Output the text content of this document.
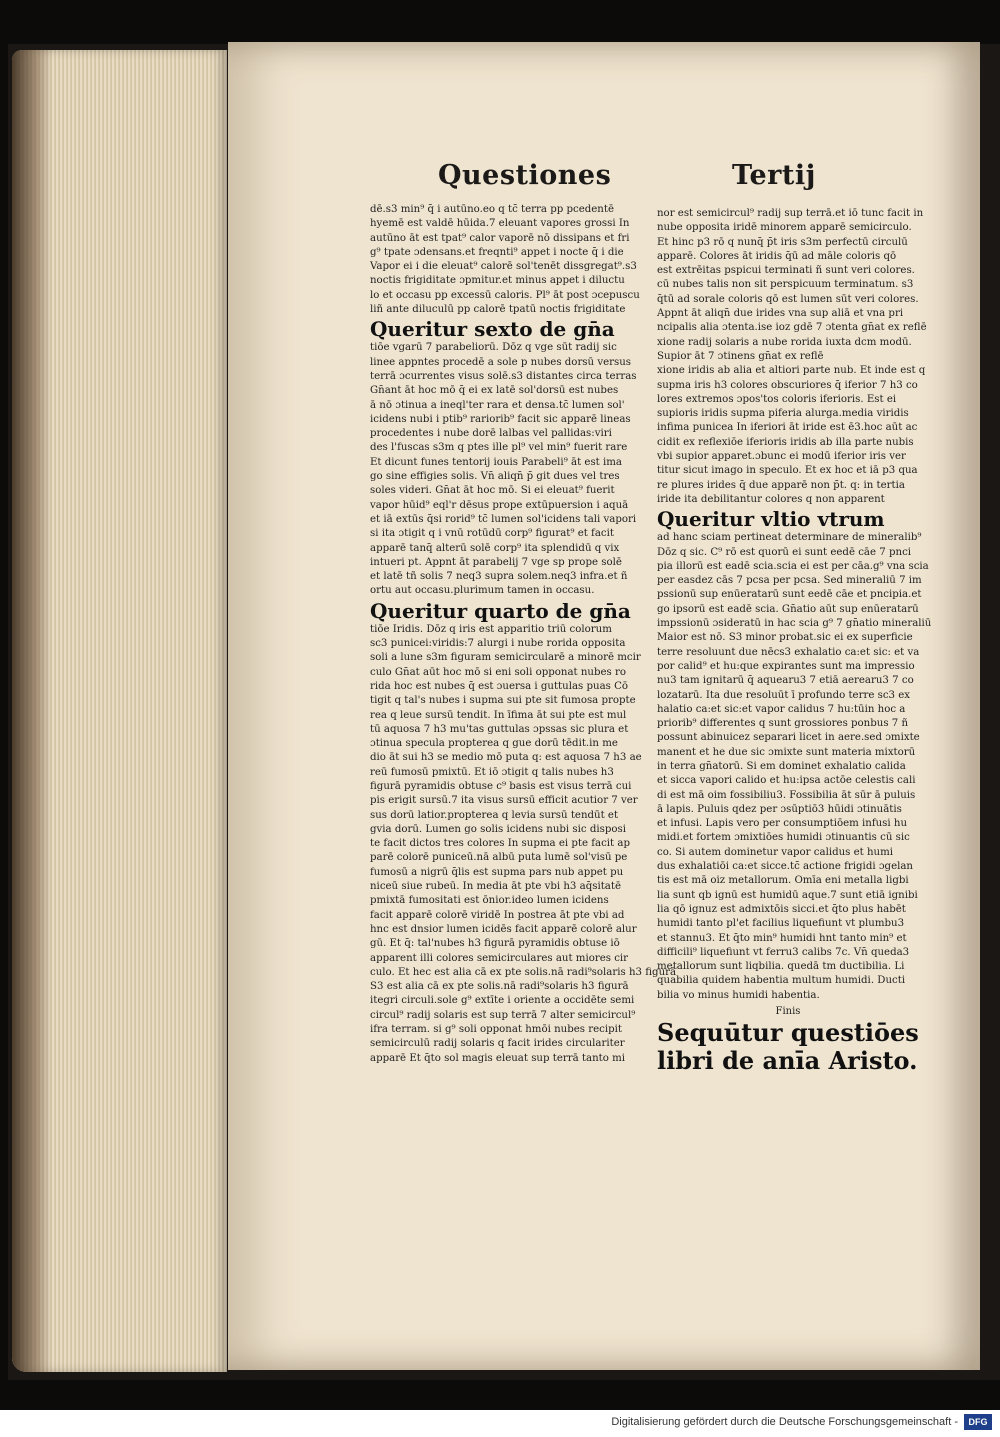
Questiones	Tertij
dē.s3 min⁹ q̄ i autūno.eo q tc̄ terra pp pcedentē
hyemē est valdē hūida.7 eleuant vapores grossi In
autūno āt est tpat⁹ calor vaporē nō dissipans et fri
g⁹ tpate ɔdensans.et freqnti⁹ appet i nocte q̄ i die
Vapor ei i die eleuat⁹ calorē sol'tenēt dissgregat⁹.s3
noctis frigiditate ɔpmitur.et minus appet i diluctu
lo et occasu pp excessū caloris. Pl⁹ āt post ɔcepuscu
liñ ante diluculū pp calorē tpatū noctis frigiditate
Queritur sexto de gn̄a
tiōe vgarū 7 parabeliorū. Dōz q vge sūt radij sic
linee appntes procedē a sole p nubes dorsū versus
terrā ɔcurrentes visus solē.s3 distantes circa terras
Gn̄ant āt hoc mō q̄ ei ex latē sol'dorsū est nubes
ā nō ɔtinua a ineql'ter rara et densa.tc̄ lumen sol'
icidens nubi i ptib⁹ rariorib⁹ facit sic apparē lineas
procedentes i nube dorē lalbas vel pallidas:viri
des l'fuscas s3m q ptes ille pl⁹ vel min⁹ fuerit rare
Et dicunt funes tentorij iouis Parabeli⁹ āt est ima
go sine effigies solis. Vn̄ aliqn̄ p̄ git dues vel tres
soles videri. Gn̄at āt hoc mō. Si ei eleuat⁹ fuerit
vapor hūid⁹ eql'r dēsus prope extūpuersion i aquā
et iā extūs q̄si rorid⁹ tc̄ lumen sol'icidens tali vapori
si ita ɔtigit q i vnū rotūdū corp⁹ figurat⁹ et facit
apparē tanq̄ alterū solē corp⁹ ita splendidū q vix
intueri pt. Appnt āt parabelij 7 vge sp prope solē
et latē tñ solis 7 neq3 supra solem.neq3 infra.et ñ
ortu aut occasu.plurimum tamen in occasu.
Queritur quarto de gn̄a
tiōe Iridis. Dōz q iris est apparitio triū colorum
sc3 punicei:viridis:7 alurgi i nube rorida opposita
soli a lune s3m figuram semicircularē a minorē mcir
culo Gn̄at aūt hoc mō si eni soli opponat nubes ro
rida hoc est nubes q̄ est ɔuersa i guttulas puas Cō
tigit q tal's nubes i supma sui pte sit fumosa propte
rea q leue sursū tendit. In īfima āt sui pte est mul
tū aquosa 7 h3 mu'tas guttulas ɔpssas sic plura et
ɔtinua specula propterea q gue dorū tēdit.in me
dio āt sui h3 se medio mō puta q: est aquosa 7 h3 ae
reū fumosū pmixtū. Et iō ɔtigit q talis nubes h3
figurā pyramidis obtuse c⁹ basis est visus terrā cui
pis erigit sursū.7 ita visus sursū efficit acutior 7 ver
sus dorū latior.propterea q levia sursū tendūt et
gvia dorū. Lumen go solis icidens nubi sic disposi
te facit dictos tres colores In supma ei pte facit ap
parē colorē puniceū.nā albū puta lumē sol'visū pe
fumosū a nigrū q̄lis est supma pars nub appet pu
niceū siue rubeū. In media āt pte vbi h3 aq̄sitatē
pmixtā fumositati est ōnior.ideo lumen icidens
facit apparē colorē viridē In postrea āt pte vbi ad
hnc est dnsior lumen icidēs facit apparē colorē alur
gū. Et q̄: tal'nubes h3 figurā pyramidis obtuse iō
apparent illi colores semicirculares aut miores cir
culo. Et hec est alia cā ex pte solis.nā radi⁹solaris h3 figurā
S3 est alia cā ex pte solis.nā radi⁹solaris h3 figurā
itegri circuli.sole g⁹ extīte i oriente a occidēte semi
circul⁹ radij solaris est sup terrā 7 alter semicircul⁹
ifra terram. si g⁹ soli opponat hmōi nubes recipit
semicirculū radij solaris q facit irides circulariter
apparē Et q̄to sol magis eleuat sup terrā tanto mi
nor est semicircul⁹ radij sup terrā.et iō tunc facit in
nube opposita iridē minorem apparē semicirculo.
Et hinc p3 rō q nunq̄ p̄t iris s3m perfectū circulū
apparē. Colores āt iridis q̄ū ad māle coloris qō
est extrēitas pspicui terminati ñ sunt veri colores.
cū nubes talis non sit perspicuum terminatum. s3
q̄tū ad sorale coloris qō est lumen sūt veri colores.
Appnt āt aliqn̄ due irides vna sup aliā et vna pri
ncipalis alia ɔtenta.ise ioz gdē 7 ɔtenta gn̄at ex reflē
xione radij solaris a nube rorida iuxta dcm modū.
Supior āt 7 ɔtinens gn̄at ex reflē
xione iridis ab alia et altiori parte nub. Et inde est q
supma iris h3 colores obscuriores q̄ iferior 7 h3 co
lores extremos ɔpos'tos coloris iferioris. Est ei
supioris iridis supma piferia alurga.media viridis
infima punicea In iferiori āt iride est ē3.hoc aūt ac
cidit ex reflexiōe iferioris iridis ab illa parte nubis
vbi supior apparet.ɔbunc ei modū iferior iris ver
titur sicut imago in speculo. Et ex hoc et iā p3 qua
re plures irides q̄ due apparē non p̄t. q: in tertia
iride ita debilitantur colores q non apparent
Queritur vltio vtrum
ad hanc sciam pertineat determinare de mineralib⁹
Dōz q sic. C⁹ rō est quorū ei sunt eedē cāe 7 pnci
pia illorū est eadē scia.scia ei est per cāa.g⁹ vna scia
per easdez cās 7 pcsa per pcsa. Sed mineraliū 7 im
pssionū sup enūeratarū sunt eedē cāe et pncipia.et
go ipsorū est eadē scia. Gn̄atio aūt sup enūeratarū
impssionū ɔsideratū in hac scia g⁹ 7 gn̄atio mineraliū
Maior est nō. S3 minor probat.sic ei ex superficie
terre resoluunt due nēcs3 exhalatio ca:et sic: et va
por calid⁹ et hu:que expirantes sunt ma impressio
nu3 tam ignitarū q̄ aquearu3 7 etiā aerearu3 7 co
lozatarū. Ita due resoluūt ī profundo terre sc3 ex
halatio ca:et sic:et vapor calidus 7 hu:tūin hoc a
priorib⁹ differentes q sunt grossiores ponbus 7 ñ
possunt abinuicez separari licet in aere.sed ɔmixte
manent et he due sic ɔmixte sunt materia mixtorū
in terra gn̄atorū. Si em dominet exhalatio calida
et sicca vapori calido et hu:ipsa actōe celestis cali
di est mā oim fossibiliu3. Fossibilia āt sūr ā puluis
ā lapis. Puluis qdez per ɔsūptiō3 hūidi ɔtinuātis
et infusi. Lapis vero per consumptiōem infusi hu
midi.et fortem ɔmixtiōes humidi ɔtinuantis cū sic
co. Si autem dominetur vapor calidus et humi
dus exhalatiōi ca:et sicce.tc̄ actione frigidi ɔgelan
tis est mā oiz metallorum. Omīa eni metalla ligbi
lia sunt qb ignū est humidū aque.7 sunt etiā ignibi
lia qō ignuz est admixtōis sicci.et q̄to plus habēt
humidi tanto pl'et facilius liquefiunt vt plumbu3
et stannu3. Et q̄to min⁹ humidi hnt tanto min⁹ et
difficili⁹ liquefiunt vt ferru3 calibs 7c. Vn̄ queda3
metallorum sunt liqbilia. quedā tm ductibilia. Li
quabilia quidem habentia multum humidi. Ducti
bilia vo minus humidi habentia.
Finis
Sequūtur questiōes
libri de anīa Aristo.
Digitalisierung gefördert durch die Deutsche Forschungsgemeinschaft -	DFG
